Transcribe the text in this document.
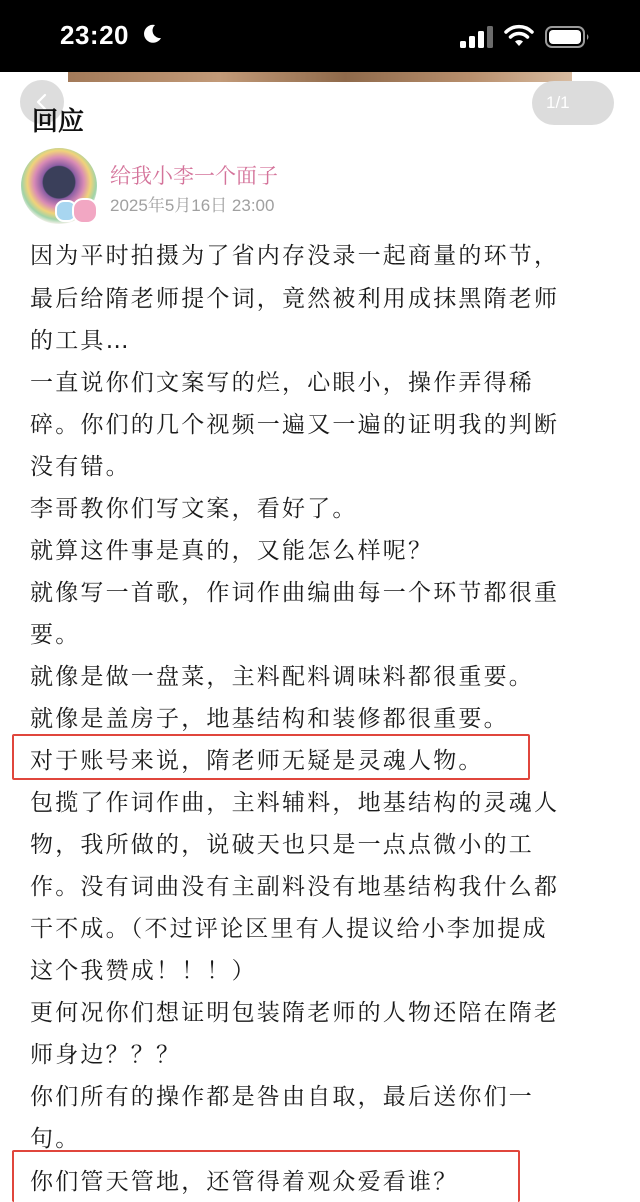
23:20
1/1
回应
给我小李一个面子
2025年5月16日 23:00
因为平时拍摄为了省内存没录一起商量的环节，
最后给隋老师提个词，竟然被利用成抹黑隋老师
的工具…
一直说你们文案写的烂，心眼小，操作弄得稀
碎。你们的几个视频一遍又一遍的证明我的判断
没有错。
李哥教你们写文案，看好了。
就算这件事是真的，又能怎么样呢？
就像写一首歌，作词作曲编曲每一个环节都很重
要。
就像是做一盘菜，主料配料调味料都很重要。
就像是盖房子，地基结构和装修都很重要。
对于账号来说，隋老师无疑是灵魂人物。
包揽了作词作曲，主料辅料，地基结构的灵魂人
物，我所做的，说破天也只是一点点微小的工
作。没有词曲没有主副料没有地基结构我什么都
干不成。（不过评论区里有人提议给小李加提成
这个我赞成！！！）
更何况你们想证明包装隋老师的人物还陪在隋老
师身边？？？
你们所有的操作都是咎由自取，最后送你们一
句。
你们管天管地，还管得着观众爱看谁？
